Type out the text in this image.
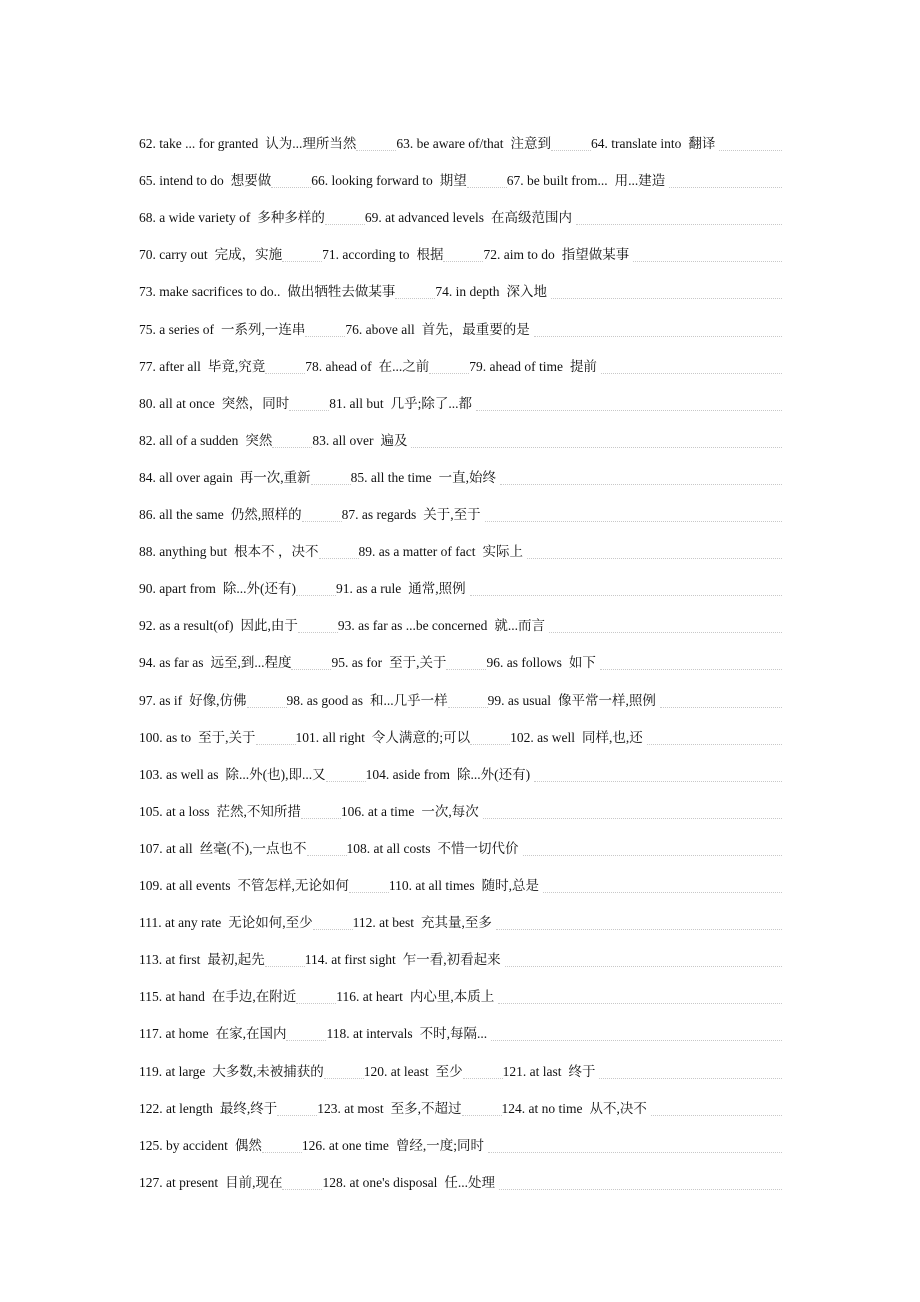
62. take ... for granted 认为...理所当然	63. be aware of/that 注意到	64. translate into 翻译
65. intend to do 想要做	66. looking forward to 期望	67. be built from... 用...建造
68. a wide variety of 多种多样的	69. at advanced levels 在高级范围内
70. carry out 完成，实施	71. according to 根据	72. aim to do 指望做某事
73. make sacrifices to do.. 做出牺牲去做某事	74. in depth 深入地
75. a series of 一系列,一连串	76. above all 首先，最重要的是
77. after all 毕竟,究竟	78. ahead of 在...之前	79. ahead of time 提前
80. all at once 突然，同时	81. all but 几乎;除了...都
82. all of a sudden 突然	83. all over 遍及
84. all over again 再一次,重新	85. all the time 一直,始终
86. all the same 仍然,照样的	87. as regards 关于,至于
88. anything but 根本不 ，决不	89. as a matter of fact 实际上
90. apart from 除...外(还有)	91. as a rule 通常,照例
92. as a result(of) 因此,由于	93. as far as ...be concerned 就...而言
94. as far as 远至,到...程度	95. as for 至于,关于	96. as follows 如下
97. as if 好像,仿佛	98. as good as 和...几乎一样	99. as usual 像平常一样,照例
100. as to 至于,关于	101. all right 令人满意的;可以	102. as well 同样,也,还
103. as well as 除...外(也),即...又	104. aside from 除...外(还有)
105. at a loss 茫然,不知所措	106. at a time 一次,每次
107. at all 丝毫(不),一点也不	108. at all costs 不惜一切代价
109. at all events 不管怎样,无论如何	110. at all times 随时,总是
111. at any rate 无论如何,至少	112. at best 充其量,至多
113. at first 最初,起先	114. at first sight 乍一看,初看起来
115. at hand 在手边,在附近	116. at heart 内心里,本质上
117. at home 在家,在国内	118. at intervals 不时,每隔...
119. at large 大多数,未被捕获的	120. at least 至少	121. at last 终于
122. at length 最终,终于	123. at most 至多,不超过	124. at no time 从不,决不
125. by accident 偶然	126. at one time 曾经,一度;同时
127. at present 目前,现在	128. at one's disposal 任...处理
